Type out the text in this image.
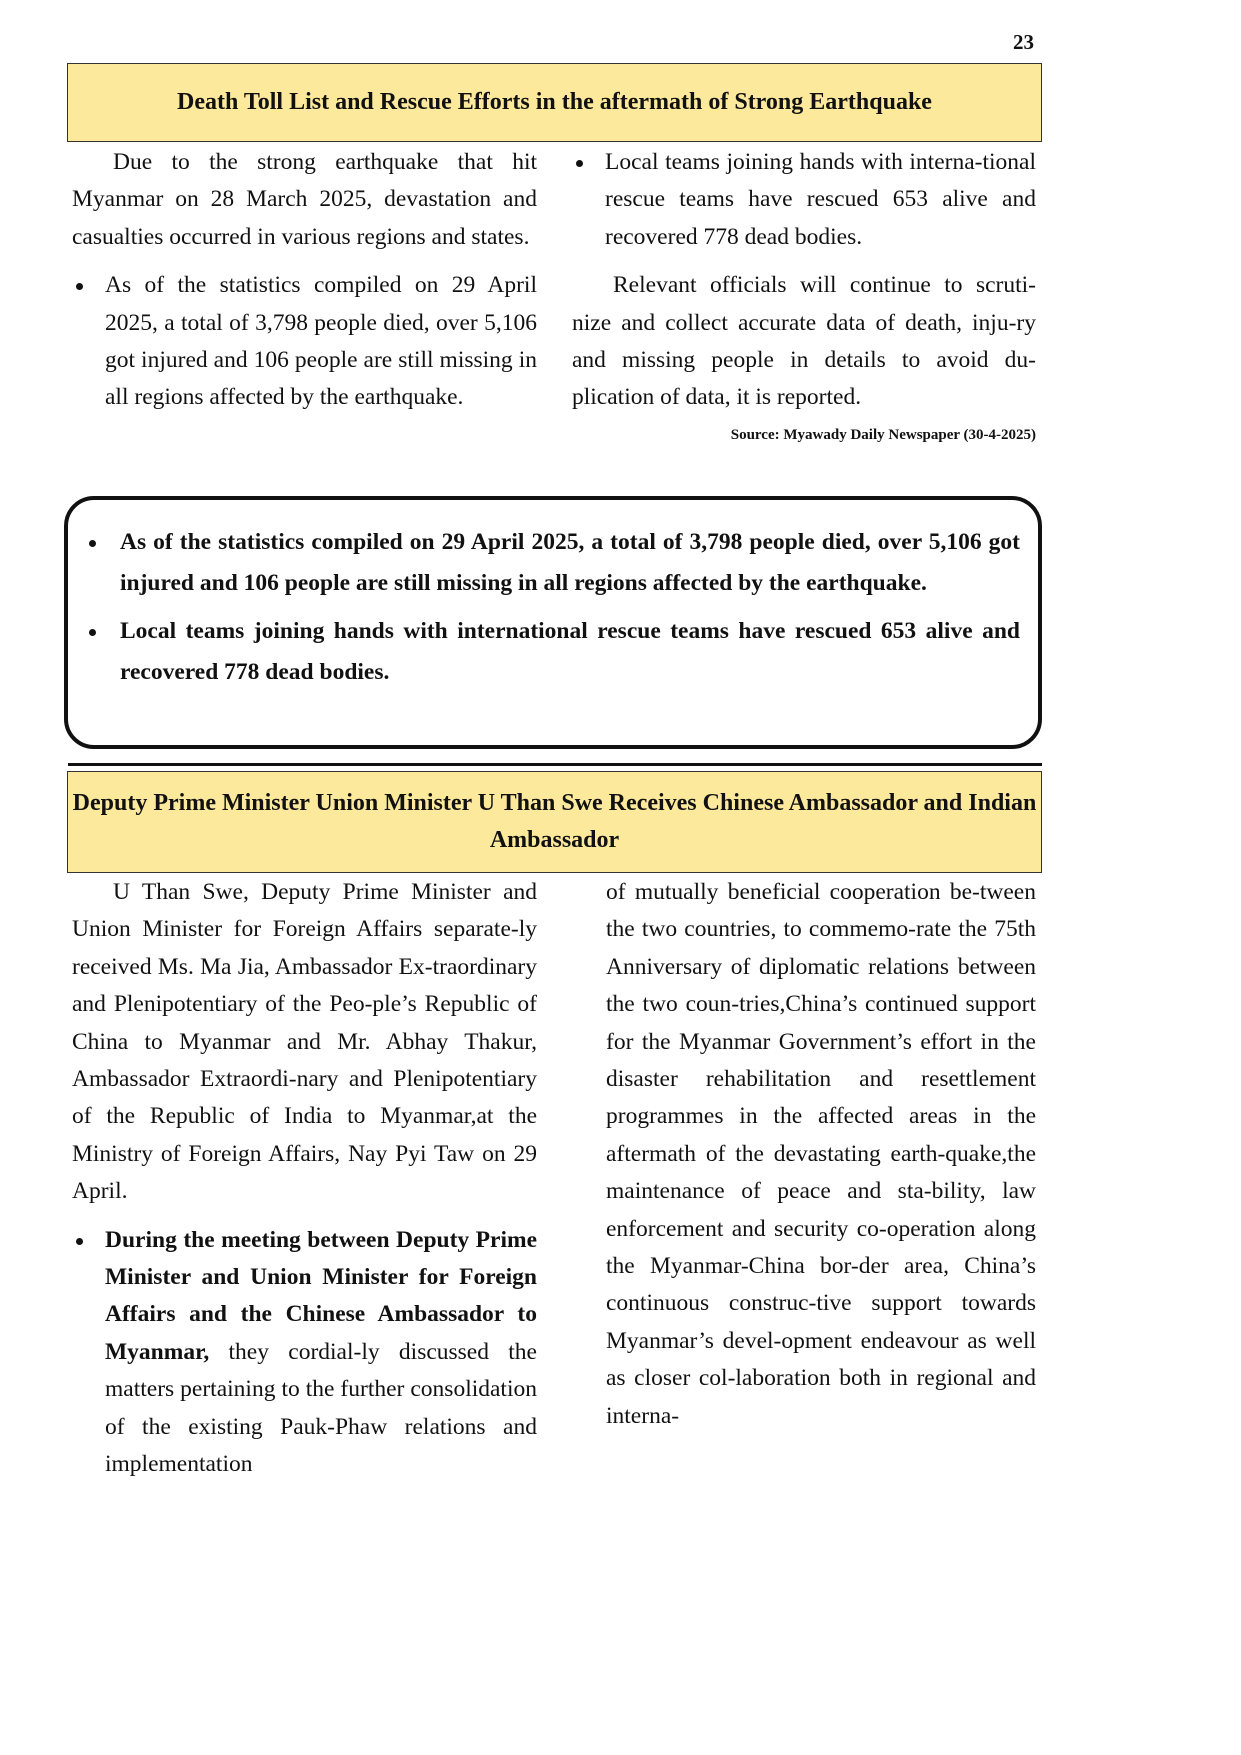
23
Death Toll List and Rescue Efforts in the aftermath of Strong Earthquake

Due to the strong earthquake that hit Myanmar on 28 March 2025, devastation and casualties occurred in various regions and states.

As of the statistics compiled on 29 April 2025, a total of 3,798 people died, over 5,106 got injured and 106 people are still missing in all regions affected by the earthquake.

Local teams joining hands with interna-tional rescue teams have rescued 653 alive and recovered 778 dead bodies.

Relevant officials will continue to scruti-nize and collect accurate data of death, inju-ry and missing people in details to avoid du-plication of data, it is reported.

Source: Myawady Daily Newspaper (30-4-2025)
As of the statistics compiled on 29 April 2025, a total of 3,798 people died, over 5,106 got injured and 106 people are still missing in all regions affected by the earthquake.
Local teams joining hands with international rescue teams have rescued 653 alive and recovered 778 dead bodies.
Deputy Prime Minister Union Minister U Than Swe Receives Chinese Ambassador and Indian Ambassador

U Than Swe, Deputy Prime Minister and Union Minister for Foreign Affairs separate-ly received Ms. Ma Jia, Ambassador Ex-traordinary and Plenipotentiary of the Peo-ple’s Republic of China to Myanmar and Mr. Abhay Thakur, Ambassador Extraordi-nary and Plenipotentiary of the Republic of India to Myanmar,at the Ministry of Foreign Affairs, Nay Pyi Taw on 29 April.

During the meeting between Deputy Prime Minister and Union Minister for Foreign Affairs and the Chinese Ambassador to Myanmar, they cordial-ly discussed the matters pertaining to the further consolidation of the existing Pauk-Phaw relations and implementation

of mutually beneficial cooperation be-tween the two countries, to commemo-rate the 75th Anniversary of diplomatic relations between the two coun-tries,China’s continued support for the Myanmar Government’s effort in the disaster rehabilitation and resettlement programmes in the affected areas in the aftermath of the devastating earth-quake,the maintenance of peace and sta-bility, law enforcement and security co-operation along the Myanmar-China bor-der area, China’s continuous construc-tive support towards Myanmar’s devel-opment endeavour as well as closer col-laboration both in regional and interna-
